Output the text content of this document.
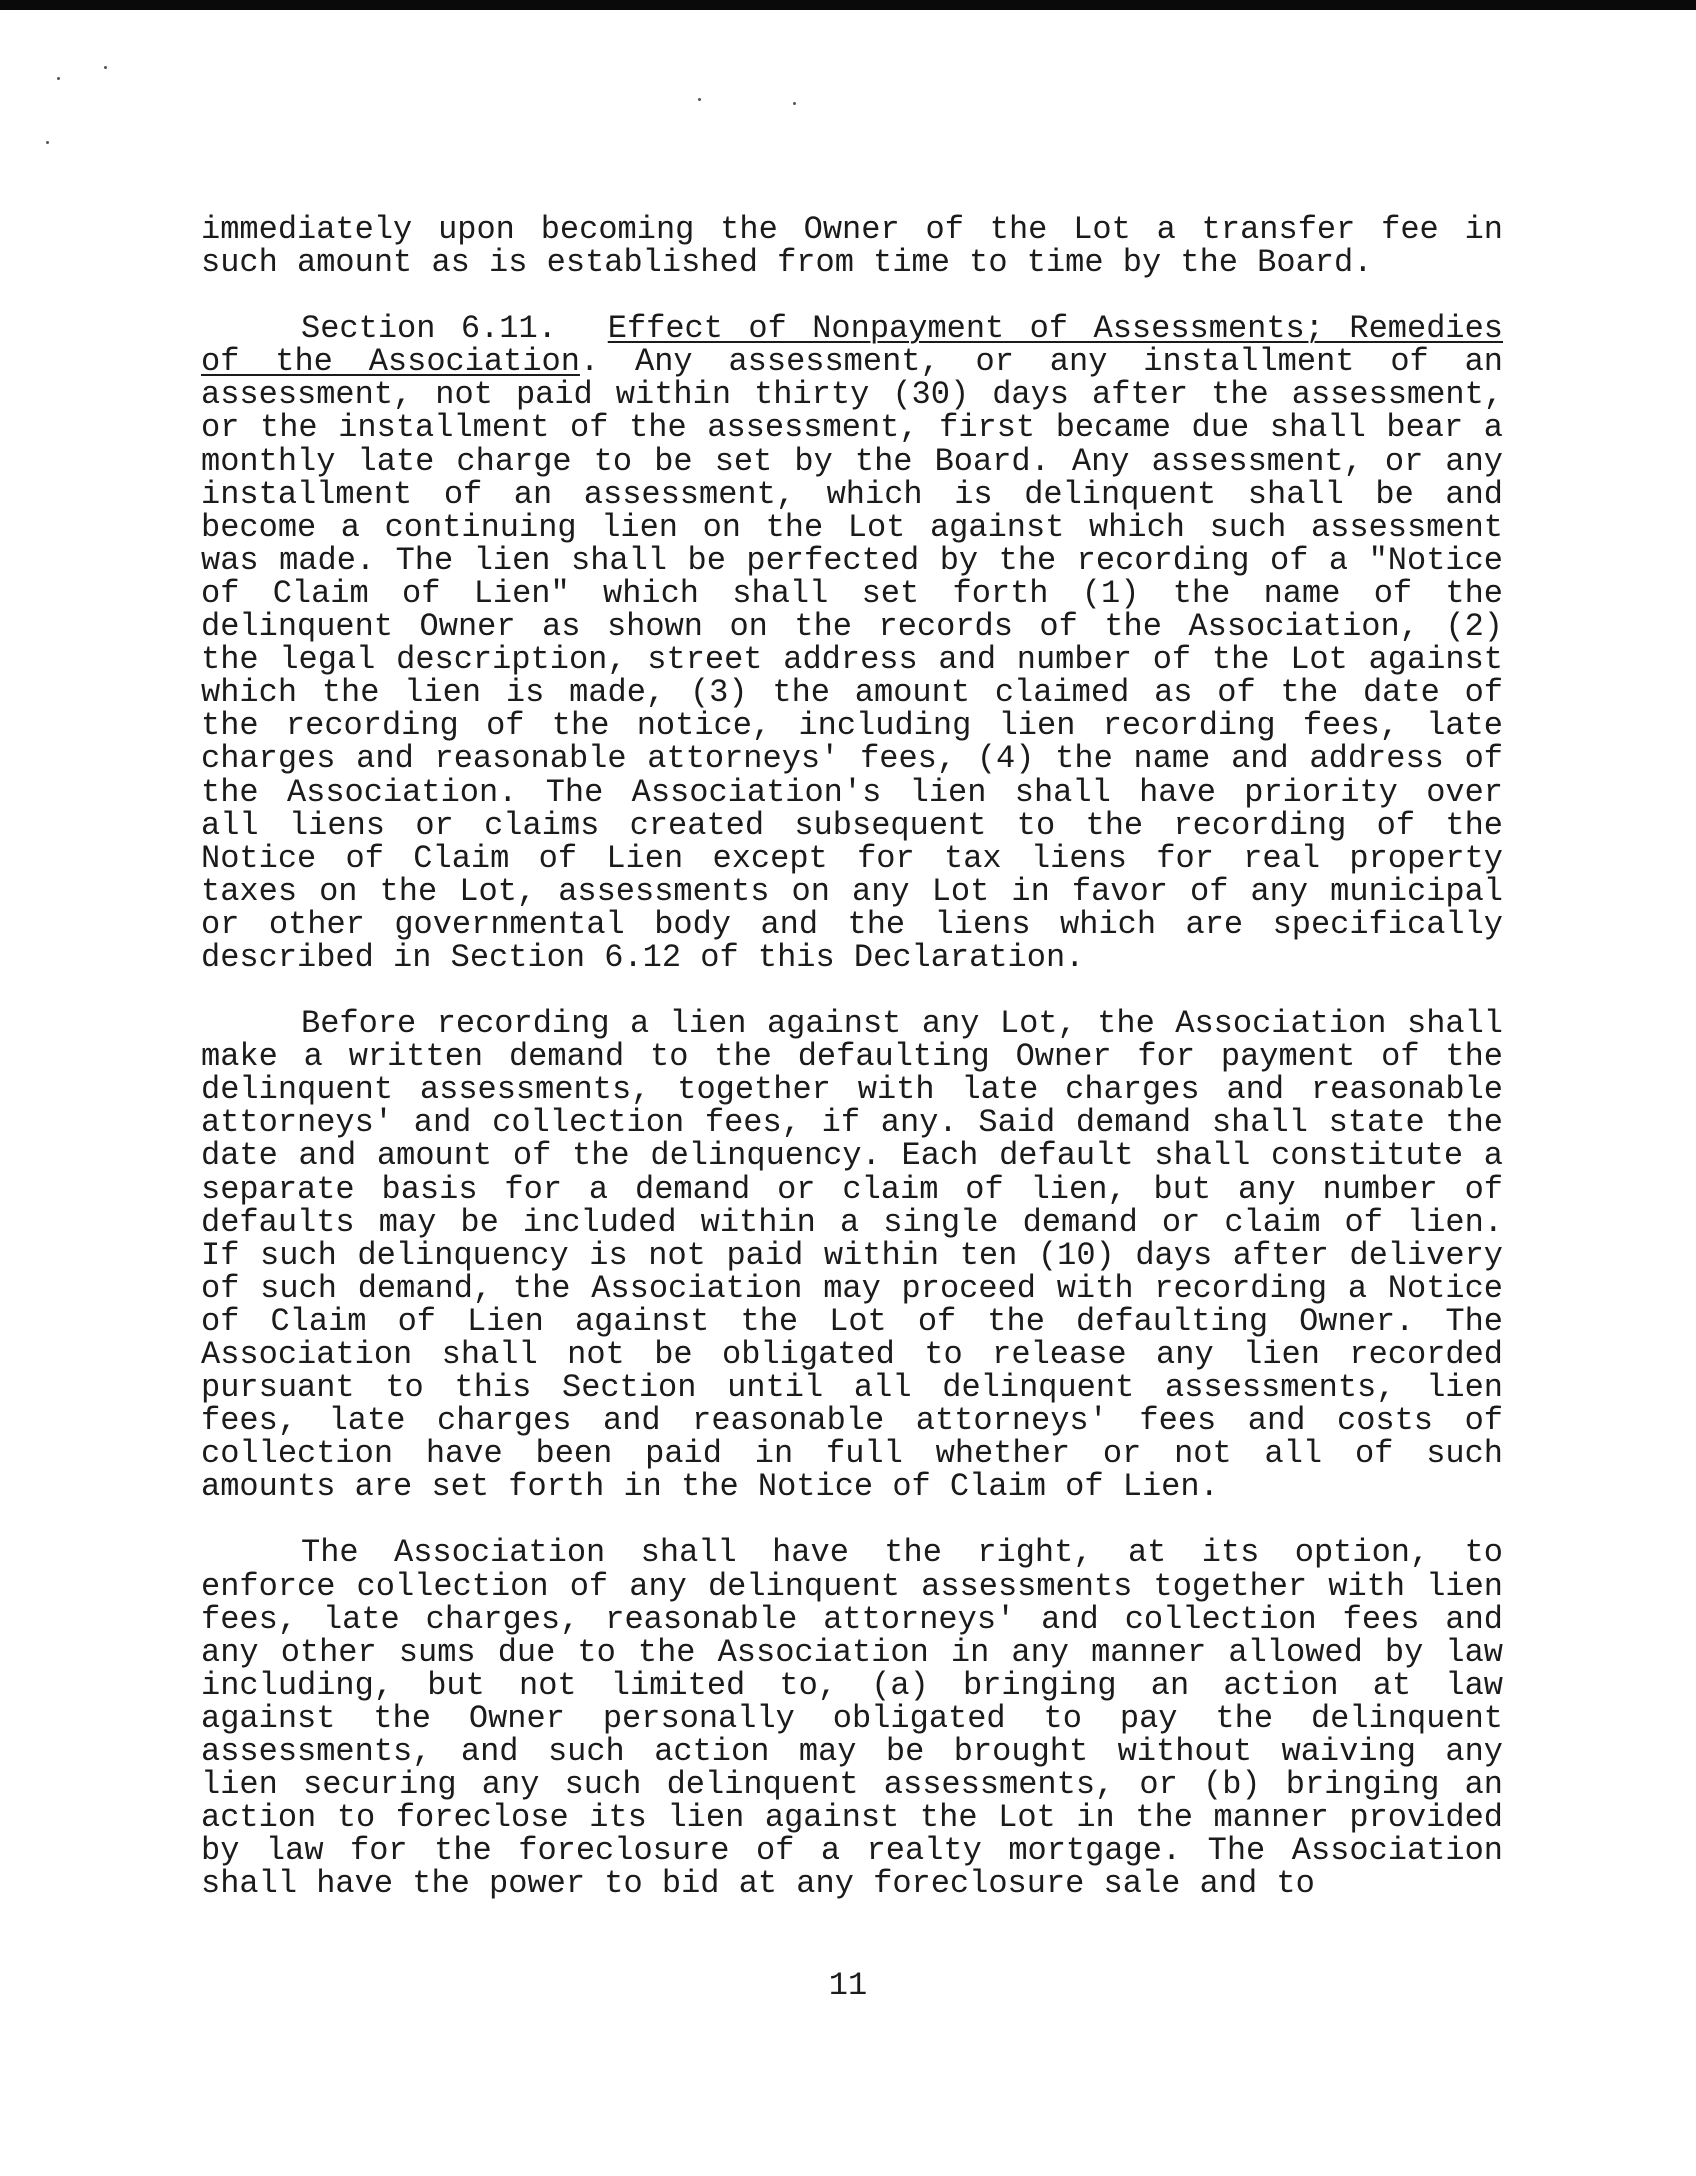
immediately upon becoming the Owner of the Lot a transfer fee in such amount as is established from time to time by the Board.

Section 6.11. Effect of Nonpayment of Assessments; Remedies of the Association. Any assessment, or any installment of an assessment, not paid within thirty (30) days after the assessment, or the installment of the assessment, first became due shall bear a monthly late charge to be set by the Board. Any assessment, or any installment of an assessment, which is delinquent shall be and become a continuing lien on the Lot against which such assessment was made. The lien shall be perfected by the recording of a "Notice of Claim of Lien" which shall set forth (1) the name of the delinquent Owner as shown on the records of the Association, (2) the legal description, street address and number of the Lot against which the lien is made, (3) the amount claimed as of the date of the recording of the notice, including lien recording fees, late charges and reasonable attorneys' fees, (4) the name and address of the Association. The Association's lien shall have priority over all liens or claims created subsequent to the recording of the Notice of Claim of Lien except for tax liens for real property taxes on the Lot, assessments on any Lot in favor of any municipal or other governmental body and the liens which are specifically described in Section 6.12 of this Declaration.

Before recording a lien against any Lot, the Association shall make a written demand to the defaulting Owner for payment of the delinquent assessments, together with late charges and reasonable attorneys' and collection fees, if any. Said demand shall state the date and amount of the delinquency. Each default shall constitute a separate basis for a demand or claim of lien, but any number of defaults may be included within a single demand or claim of lien. If such delinquency is not paid within ten (10) days after delivery of such demand, the Association may proceed with recording a Notice of Claim of Lien against the Lot of the defaulting Owner. The Association shall not be obligated to release any lien recorded pursuant to this Section until all delinquent assessments, lien fees, late charges and reasonable attorneys' fees and costs of collection have been paid in full whether or not all of such amounts are set forth in the Notice of Claim of Lien.

The Association shall have the right, at its option, to enforce collection of any delinquent assessments together with lien fees, late charges, reasonable attorneys' and collection fees and any other sums due to the Association in any manner allowed by law including, but not limited to, (a) bringing an action at law against the Owner personally obligated to pay the delinquent assessments, and such action may be brought without waiving any lien securing any such delinquent assessments, or (b) bringing an action to foreclose its lien against the Lot in the manner provided by law for the foreclosure of a realty mortgage. The Association shall have the power to bid at any foreclosure sale and to

11
